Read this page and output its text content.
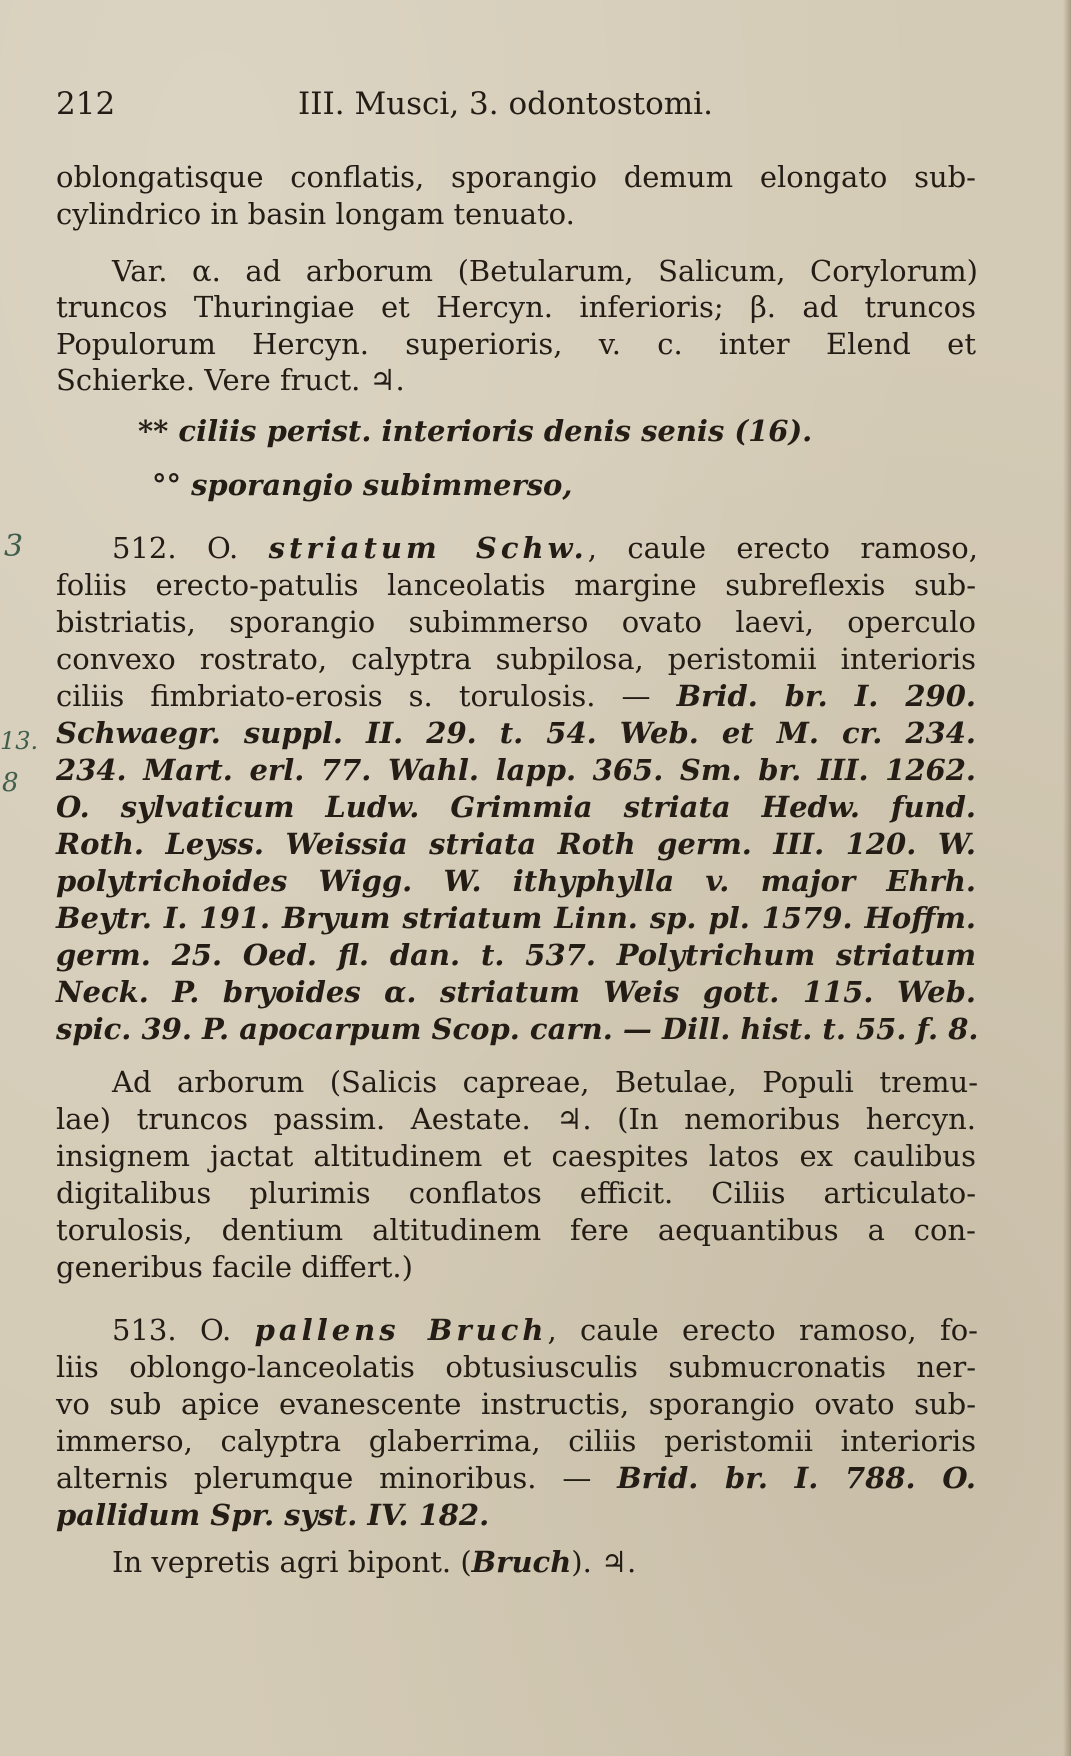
212	III. Musci, 3. odontostomi.
3
13.
8
oblongatisque conflatis, sporangio demum elongato sub-
cylindrico in basin longam tenuato.
Var. α. ad arborum (Betularum, Salicum, Corylorum)
truncos Thuringiae et Hercyn. inferioris; β. ad truncos
Populorum Hercyn. superioris, v. c. inter Elend et
Schierke. Vere fruct. ♃.
** ciliis perist. interioris denis senis (16).
°° sporangio subimmerso,
512. O. striatum Schw., caule erecto ramoso,
foliis erecto-patulis lanceolatis margine subreflexis sub-
bistriatis, sporangio subimmerso ovato laevi, operculo
convexo rostrato, calyptra subpilosa, peristomii interioris
ciliis fimbriato-erosis s. torulosis. — Brid. br. I. 290.
Schwaegr. suppl. II. 29. t. 54. Web. et M. cr. 234.
234. Mart. erl. 77. Wahl. lapp. 365. Sm. br. III. 1262.
O. sylvaticum Ludw. Grimmia striata Hedw. fund.
Roth. Leyss. Weissia striata Roth germ. III. 120. W.
polytrichoides Wigg. W. ithyphylla v. major Ehrh.
Beytr. I. 191. Bryum striatum Linn. sp. pl. 1579. Hoffm.
germ. 25. Oed. fl. dan. t. 537. Polytrichum striatum
Neck. P. bryoides α. striatum Weis gott. 115. Web.
spic. 39. P. apocarpum Scop. carn. — Dill. hist. t. 55. f. 8.
Ad arborum (Salicis capreae, Betulae, Populi tremu-
lae) truncos passim. Aestate. ♃. (In nemoribus hercyn.
insignem jactat altitudinem et caespites latos ex caulibus
digitalibus plurimis conflatos efficit. Ciliis articulato-
torulosis, dentium altitudinem fere aequantibus a con-
generibus facile differt.)
513. O. pallens Bruch, caule erecto ramoso, fo-
liis oblongo-lanceolatis obtusiusculis submucronatis ner-
vo sub apice evanescente instructis, sporangio ovato sub-
immerso, calyptra glaberrima, ciliis peristomii interioris
alternis plerumque minoribus. — Brid. br. I. 788. O.
pallidum Spr. syst. IV. 182.
In vepretis agri bipont. (Bruch). ♃.
